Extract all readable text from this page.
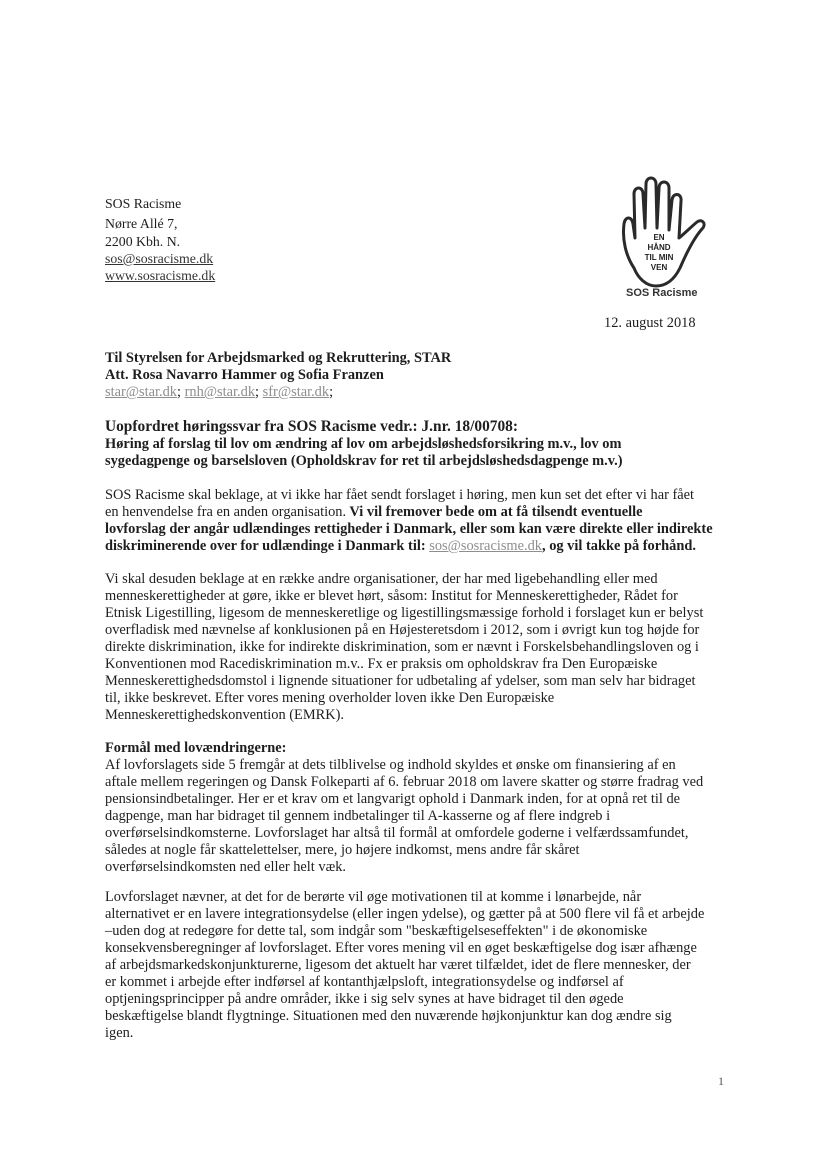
SOS Racisme
Nørre Allé 7,
2200 Kbh. N.
sos@sosracisme.dk
www.sosracisme.dk
EN
HÅND
TIL MIN
VEN
SOS Racisme
12. august 2018
Til Styrelsen for Arbejdsmarked og Rekruttering, STAR
Att. Rosa Navarro Hammer og Sofia Franzen
star@star.dk; rnh@star.dk; sfr@star.dk;
Uopfordret høringssvar fra SOS Racisme vedr.: J.nr. 18/00708:
Høring af forslag til lov om ændring af lov om arbejdsløshedsforsikring m.v., lov om
sygedagpenge og barselsloven (Opholdskrav for ret til arbejdsløshedsdagpenge m.v.)
SOS Racisme skal beklage, at vi ikke har fået sendt forslaget i høring, men kun set det efter vi har fået
en henvendelse fra en anden organisation. Vi vil fremover bede om at få tilsendt eventuelle
lovforslag der angår udlændinges rettigheder i Danmark, eller som kan være direkte eller indirekte
diskriminerende over for udlændinge i Danmark til: sos@sosracisme.dk, og vil takke på forhånd.
Vi skal desuden beklage at en række andre organisationer, der har med ligebehandling eller med
menneskerettigheder at gøre, ikke er blevet hørt, såsom: Institut for Menneskerettigheder, Rådet for
Etnisk Ligestilling, ligesom de menneskeretlige og ligestillingsmæssige forhold i forslaget kun er belyst
overfladisk med nævnelse af konklusionen på en Højesteretsdom i 2012, som i øvrigt kun tog højde for
direkte diskrimination, ikke for indirekte diskrimination, som er nævnt i Forskelsbehandlingsloven og i
Konventionen mod Racediskrimination m.v.. Fx er praksis om opholdskrav fra Den Europæiske
Menneskerettighedsdomstol i lignende situationer for udbetaling af ydelser, som man selv har bidraget
til, ikke beskrevet. Efter vores mening overholder loven ikke Den Europæiske
Menneskerettighedskonvention (EMRK).
Formål med lovændringerne:
Af lovforslagets side 5 fremgår at dets tilblivelse og indhold skyldes et ønske om finansiering af en
aftale mellem regeringen og Dansk Folkeparti af 6. februar 2018 om lavere skatter og større fradrag ved
pensionsindbetalinger. Her er et krav om et langvarigt ophold i Danmark inden, for at opnå ret til de
dagpenge, man har bidraget til gennem indbetalinger til A-kasserne og af flere indgreb i
overførselsindkomsterne. Lovforslaget har altså til formål at omfordele goderne i velfærdssamfundet,
således at nogle får skattelettelser, mere, jo højere indkomst, mens andre får skåret
overførselsindkomsten ned eller helt væk.
Lovforslaget nævner, at det for de berørte vil øge motivationen til at komme i lønarbejde, når
alternativet er en lavere integrationsydelse (eller ingen ydelse), og gætter på at 500 flere vil få et arbejde
–uden dog at redegøre for dette tal, som indgår som "beskæftigelseseffekten" i de økonomiske
konsekvensberegninger af lovforslaget. Efter vores mening vil en øget beskæftigelse dog især afhænge
af arbejdsmarkedskonjunkturerne, ligesom det aktuelt har været tilfældet, idet de flere mennesker, der
er kommet i arbejde efter indførsel af kontanthjælpsloft, integrationsydelse og indførsel af
optjeningsprincipper på andre områder, ikke i sig selv synes at have bidraget til den øgede
beskæftigelse blandt flygtninge. Situationen med den nuværende højkonjunktur kan dog ændre sig
igen.
1
